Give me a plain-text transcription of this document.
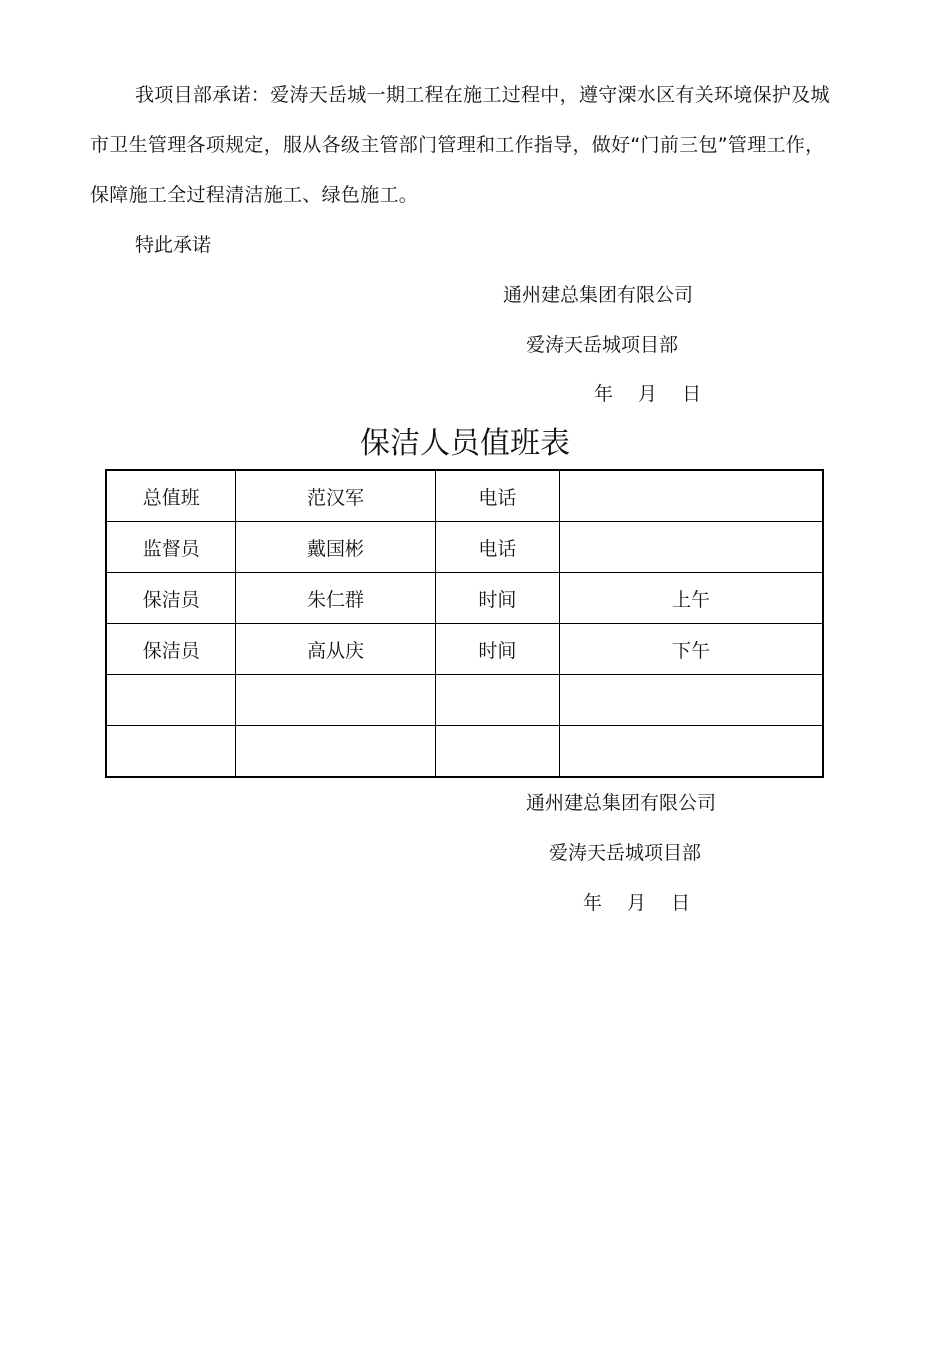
我项目部承诺：爱涛天岳城一期工程在施工过程中，遵守溧水区有关环境保护及城市卫生管理各项规定，服从各级主管部门管理和工作指导，做好“门前三包”管理工作，保障施工全过程清洁施工、绿色施工。
特此承诺
通州建总集团有限公司
爱涛天岳城项目部
年　 月　 日
保洁人员值班表
总值班	范汉军	电话	
监督员	戴国彬	电话	
保洁员	朱仁群	时间	上午
保洁员	高从庆	时间	下午

通州建总集团有限公司
爱涛天岳城项目部
年　 月　 日
